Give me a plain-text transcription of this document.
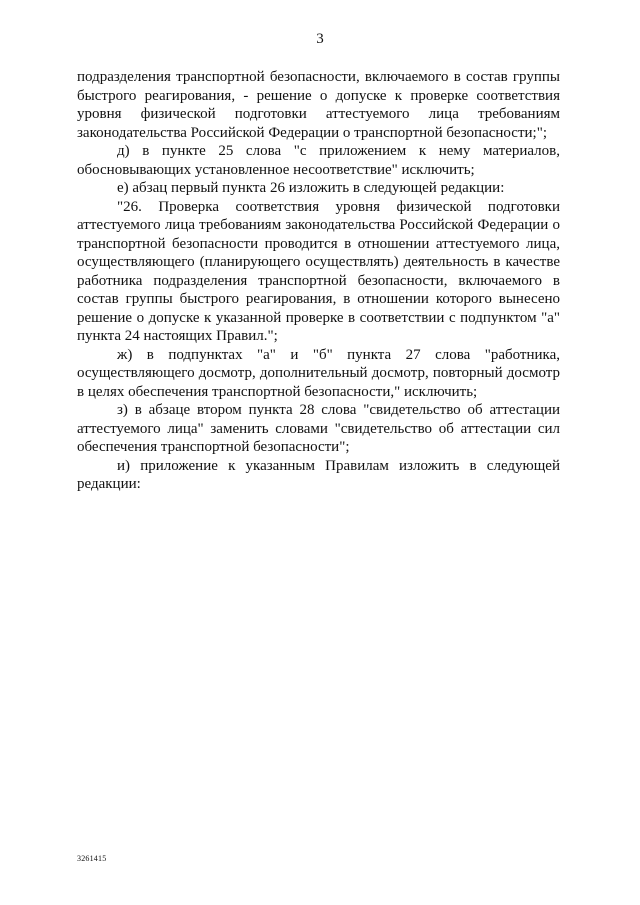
3

подразделения транспортной безопасности, включаемого в состав группы быстрого реагирования, - решение о допуске к проверке соответствия уровня физической подготовки аттестуемого лица требованиям законодательства Российской Федерации о транспортной безопасности;";

д) в пункте 25 слова "с приложением к нему материалов, обосновывающих установленное несоответствие" исключить;

е) абзац первый пункта 26 изложить в следующей редакции:

"26. Проверка соответствия уровня физической подготовки аттестуемого лица требованиям законодательства Российской Федерации о транспортной безопасности проводится в отношении аттестуемого лица, осуществляющего (планирующего осуществлять) деятельность в качестве работника подразделения транспортной безопасности, включаемого в состав группы быстрого реагирования, в отношении которого вынесено решение о допуске к указанной проверке в соответствии с подпунктом "а" пункта 24 настоящих Правил.";

ж) в подпунктах "а" и "б" пункта 27 слова "работника, осуществляющего досмотр, дополнительный досмотр, повторный досмотр в целях обеспечения транспортной безопасности," исключить;

з) в абзаце втором пункта 28 слова "свидетельство об аттестации аттестуемого лица" заменить словами "свидетельство об аттестации сил обеспечения транспортной безопасности";

и) приложение к указанным Правилам изложить в следующей редакции:

3261415
